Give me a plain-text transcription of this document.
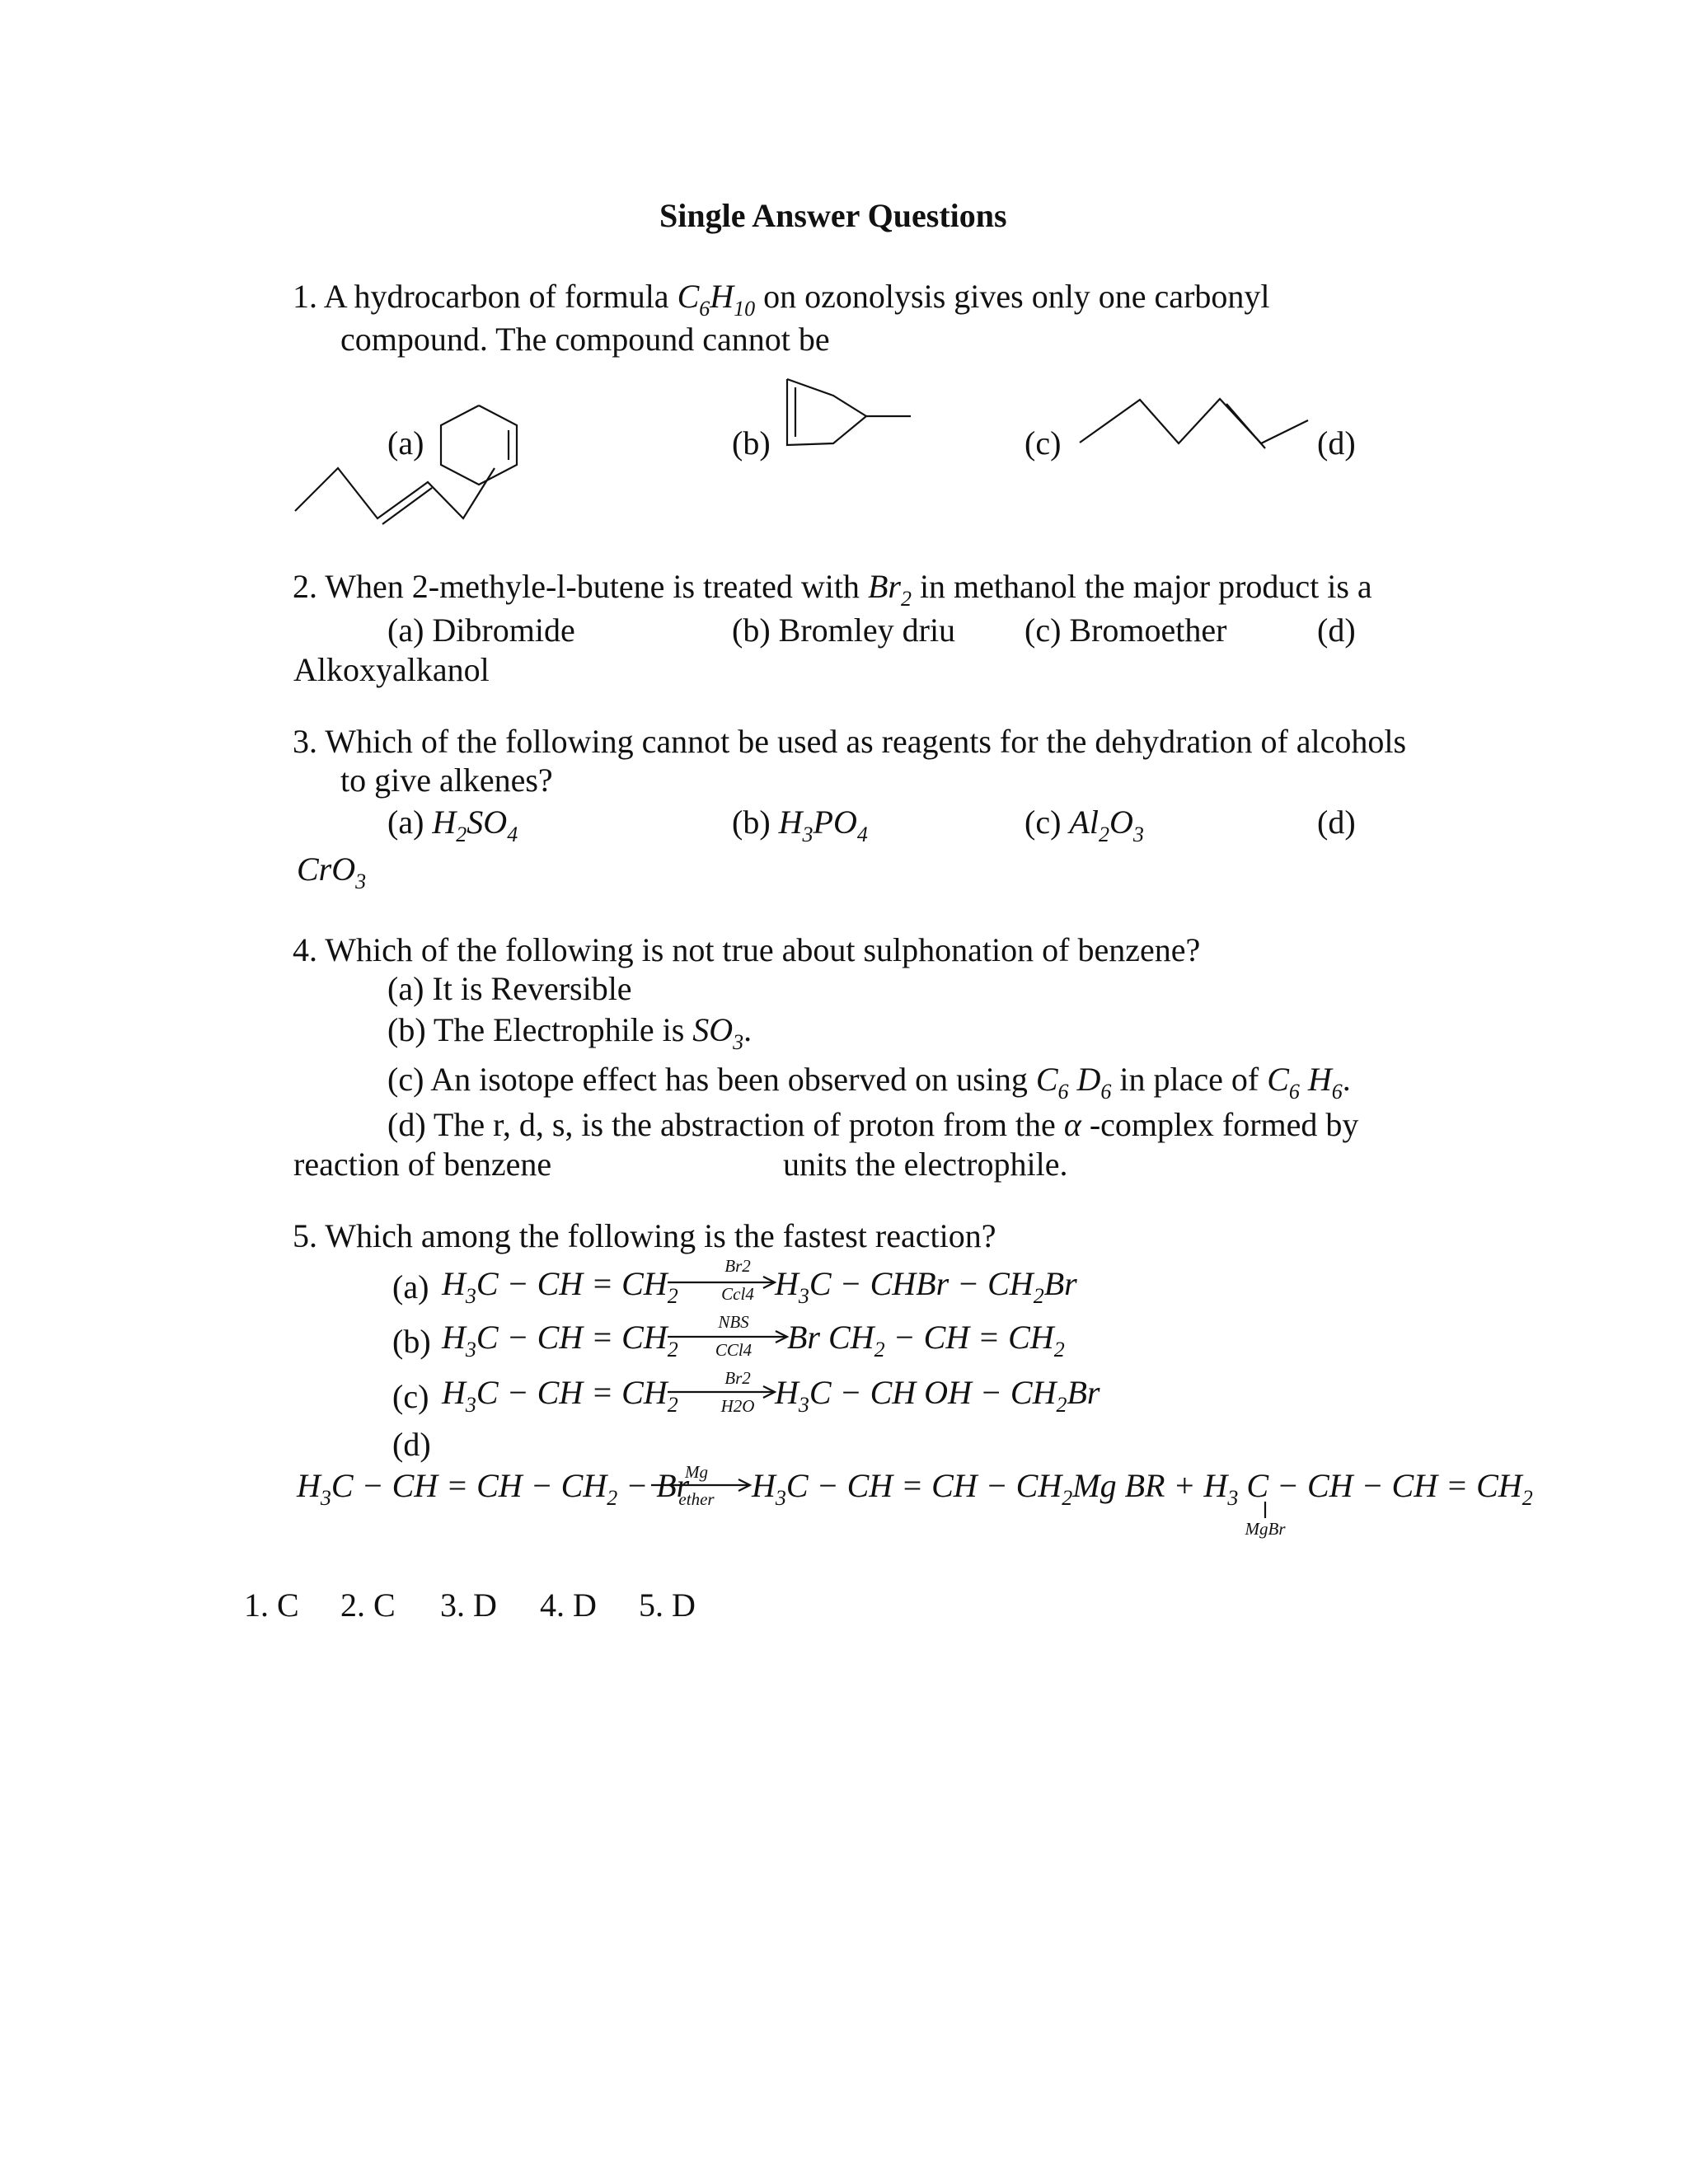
Single Answer Questions
1. A hydrocarbon of formula $C_6H_{10}$ on ozonolysis gives only one carbonyl
compound. The compound cannot be
(a)	(b)	(c)	(d)
2. When 2-methyle-l-butene is treated with $Br_2$ in methanol the major product is a
(a) Dibromide	(b) Bromley driu (c) Bromoether	(d)
Alkoxyalkanol
3. Which of the following cannot be used as reagents for the dehydration of alcohols
to give alkenes?
(a) $H_2SO_4$	(b) $H_3PO_4$	(c) $Al_2O_3$	(d)
CrO$_3$
4. Which of the following is not true about sulphonation of benzene?
(a) It is Reversible
(b) The Electrophile is $SO_3$.
(c) An isotope effect has been observed on using $C_6$ $D_6$ in place of $C_6$ $H_6$.
(d) The r, d, s, is the abstraction of proton from the α -complex formed by
reaction of benzene	units the electrophile.
5. Which among the following is the fastest reaction?
(a) $H_3C$ − CH = $CH_2$
Br2
Ccl4 $H_3C$ − CHBr − $CH_2Br$
(b) $H_3C$ − CH = $CH_2$
NBS
CCl4	Br $CH_2$ − CH = $CH_2$
(c) $H_3C$ − CH = $CH_2$
Br2
H2O $H_3C$ − CH OH − $CH_2Br$
(d)
$H_3C$ − CH = CH − $CH_2 - Br$
Mg
ether	$H_3C$ − CH = CH − $CH_2Mg$ BR + $H_3$ C − CH − CH = $CH_2$
MgBr
1. C 2. C 3. D 4. D 5. D
